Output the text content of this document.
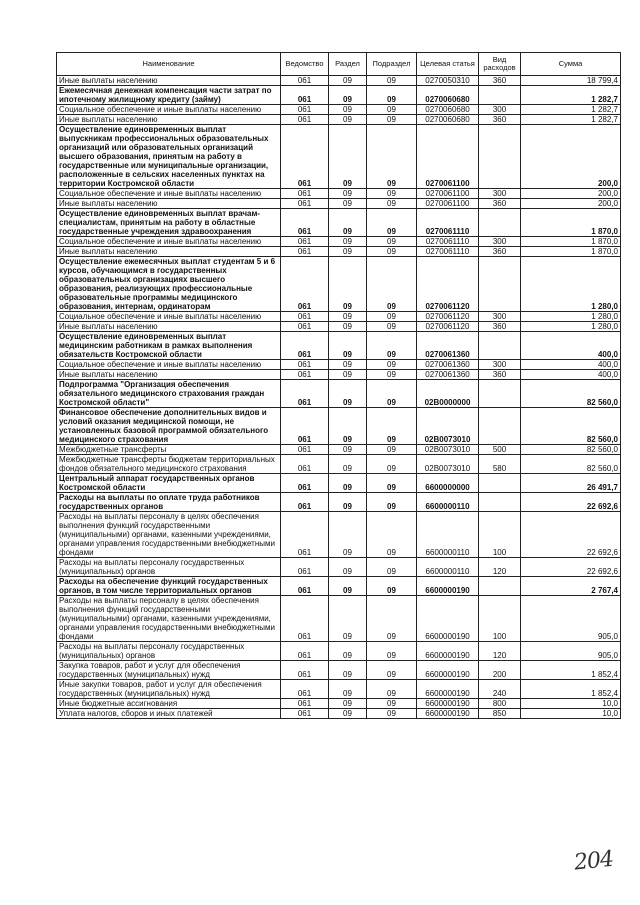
Наименование	Ведомство	Раздел	Подраздел	Целевая статья	Вид расходов	Сумма
Иные выплаты населению	061	09	09	0270050310	360	18 799,4
Ежемесячная денежная компенсация части затрат по ипотечному жилищному кредиту (займу)	061	09	09	0270060680		1 282,7
Социальное обеспечение и иные выплаты населению	061	09	09	0270060680	300	1 282,7
Иные выплаты населению	061	09	09	0270060680	360	1 282,7
Осуществление единовременных выплат выпускникам профессиональных образовательных организаций или образовательных организаций высшего образования, принятым на работу в государственные или муниципальные организации, расположенные в сельских населенных пунктах на территории Костромской области	061	09	09	0270061100		200,0
Социальное обеспечение и иные выплаты населению	061	09	09	0270061100	300	200,0
Иные выплаты населению	061	09	09	0270061100	360	200,0
Осуществление единовременных выплат врачам-специалистам, принятым на работу в областные государственные учреждения здравоохранения	061	09	09	0270061110		1 870,0
Социальное обеспечение и иные выплаты населению	061	09	09	0270061110	300	1 870,0
Иные выплаты населению	061	09	09	0270061110	360	1 870,0
Осуществление ежемесячных выплат студентам 5 и 6 курсов, обучающимся в государственных образовательных организациях высшего образования, реализующих профессиональные образовательные программы медицинского образования, интернам, ординаторам	061	09	09	0270061120		1 280,0
Социальное обеспечение и иные выплаты населению	061	09	09	0270061120	300	1 280,0
Иные выплаты населению	061	09	09	0270061120	360	1 280,0
Осуществление единовременных выплат медицинским работникам в рамках выполнения обязательств Костромской области	061	09	09	0270061360		400,0
Социальное обеспечение и иные выплаты населению	061	09	09	0270061360	300	400,0
Иные выплаты населению	061	09	09	0270061360	360	400,0
Подпрограмма "Организация обеспечения обязательного медицинского страхования граждан Костромской области"	061	09	09	02В0000000		82 560,0
Финансовое обеспечение дополнительных видов и условий оказания медицинской помощи, не установленных базовой программой обязательного медицинского страхования	061	09	09	02В0073010		82 560,0
Межбюджетные трансферты	061	09	09	02В0073010	500	82 560,0
Межбюджетные трансферты бюджетам территориальных фондов обязательного медицинского страхования	061	09	09	02В0073010	580	82 560,0
Центральный аппарат государственных органов Костромской области	061	09	09	6600000000		26 491,7
Расходы на выплаты по оплате труда работников государственных органов	061	09	09	6600000110		22 692,6
Расходы на выплаты персоналу в целях обеспечения выполнения функций государственными (муниципальными) органами, казенными учреждениями, органами управления государственными внебюджетными фондами	061	09	09	6600000110	100	22 692,6
Расходы на выплаты персоналу государственных (муниципальных) органов	061	09	09	6600000110	120	22 692,6
Расходы на обеспечение функций государственных органов, в том числе территориальных органов	061	09	09	6600000190		2 767,4
Расходы на выплаты персоналу в целях обеспечения выполнения функций государственными (муниципальными) органами, казенными учреждениями, органами управления государственными внебюджетными фондами	061	09	09	6600000190	100	905,0
Расходы на выплаты персоналу государственных (муниципальных) органов	061	09	09	6600000190	120	905,0
Закупка товаров, работ и услуг для обеспечения государственных (муниципальных) нужд	061	09	09	6600000190	200	1 852,4
Иные закупки товаров, работ и услуг для обеспечения государственных (муниципальных) нужд	061	09	09	6600000190	240	1 852,4
Иные бюджетные ассигнования	061	09	09	6600000190	800	10,0
Уплата налогов, сборов и иных платежей	061	09	09	6600000190	850	10,0
204
